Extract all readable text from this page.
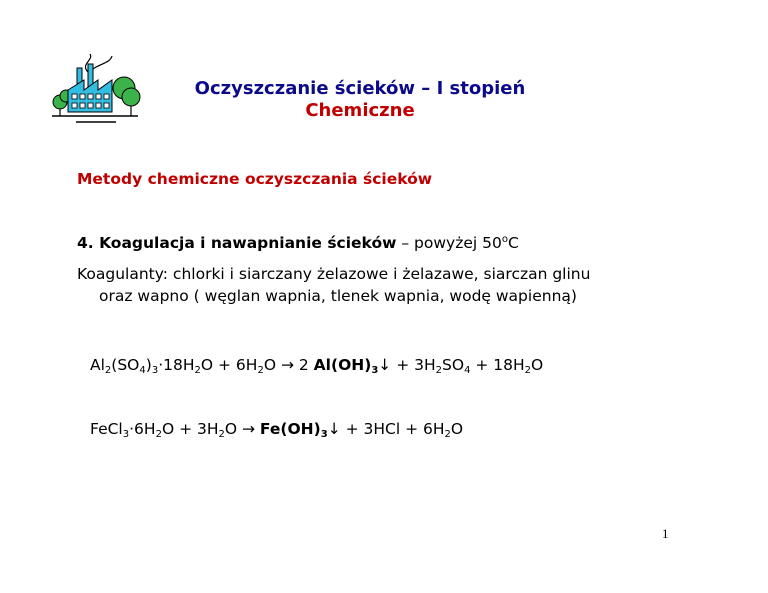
Oczyszczanie ścieków – I stopień
Chemiczne
Metody chemiczne oczyszczania ścieków
4. Koagulacja i nawapnianie ścieków – powyżej 50$^o$C
Koagulanty: chlorki i siarczany żelazowe i żelazawe, siarczan glinu
oraz wapno ( węglan wapnia, tlenek wapnia, wodę wapienną)
$Al_2(SO_4)_3\cdot 18H_2O + 6H_2O \to 2$ $Al(OH)_3↓ + 3H_2SO_4 + 18H_2O$
$FeCl_3\cdot 6H_2O + 3H_2O$ → $Fe(OH)_3↓ + 3HCl + 6H_2O$
1
